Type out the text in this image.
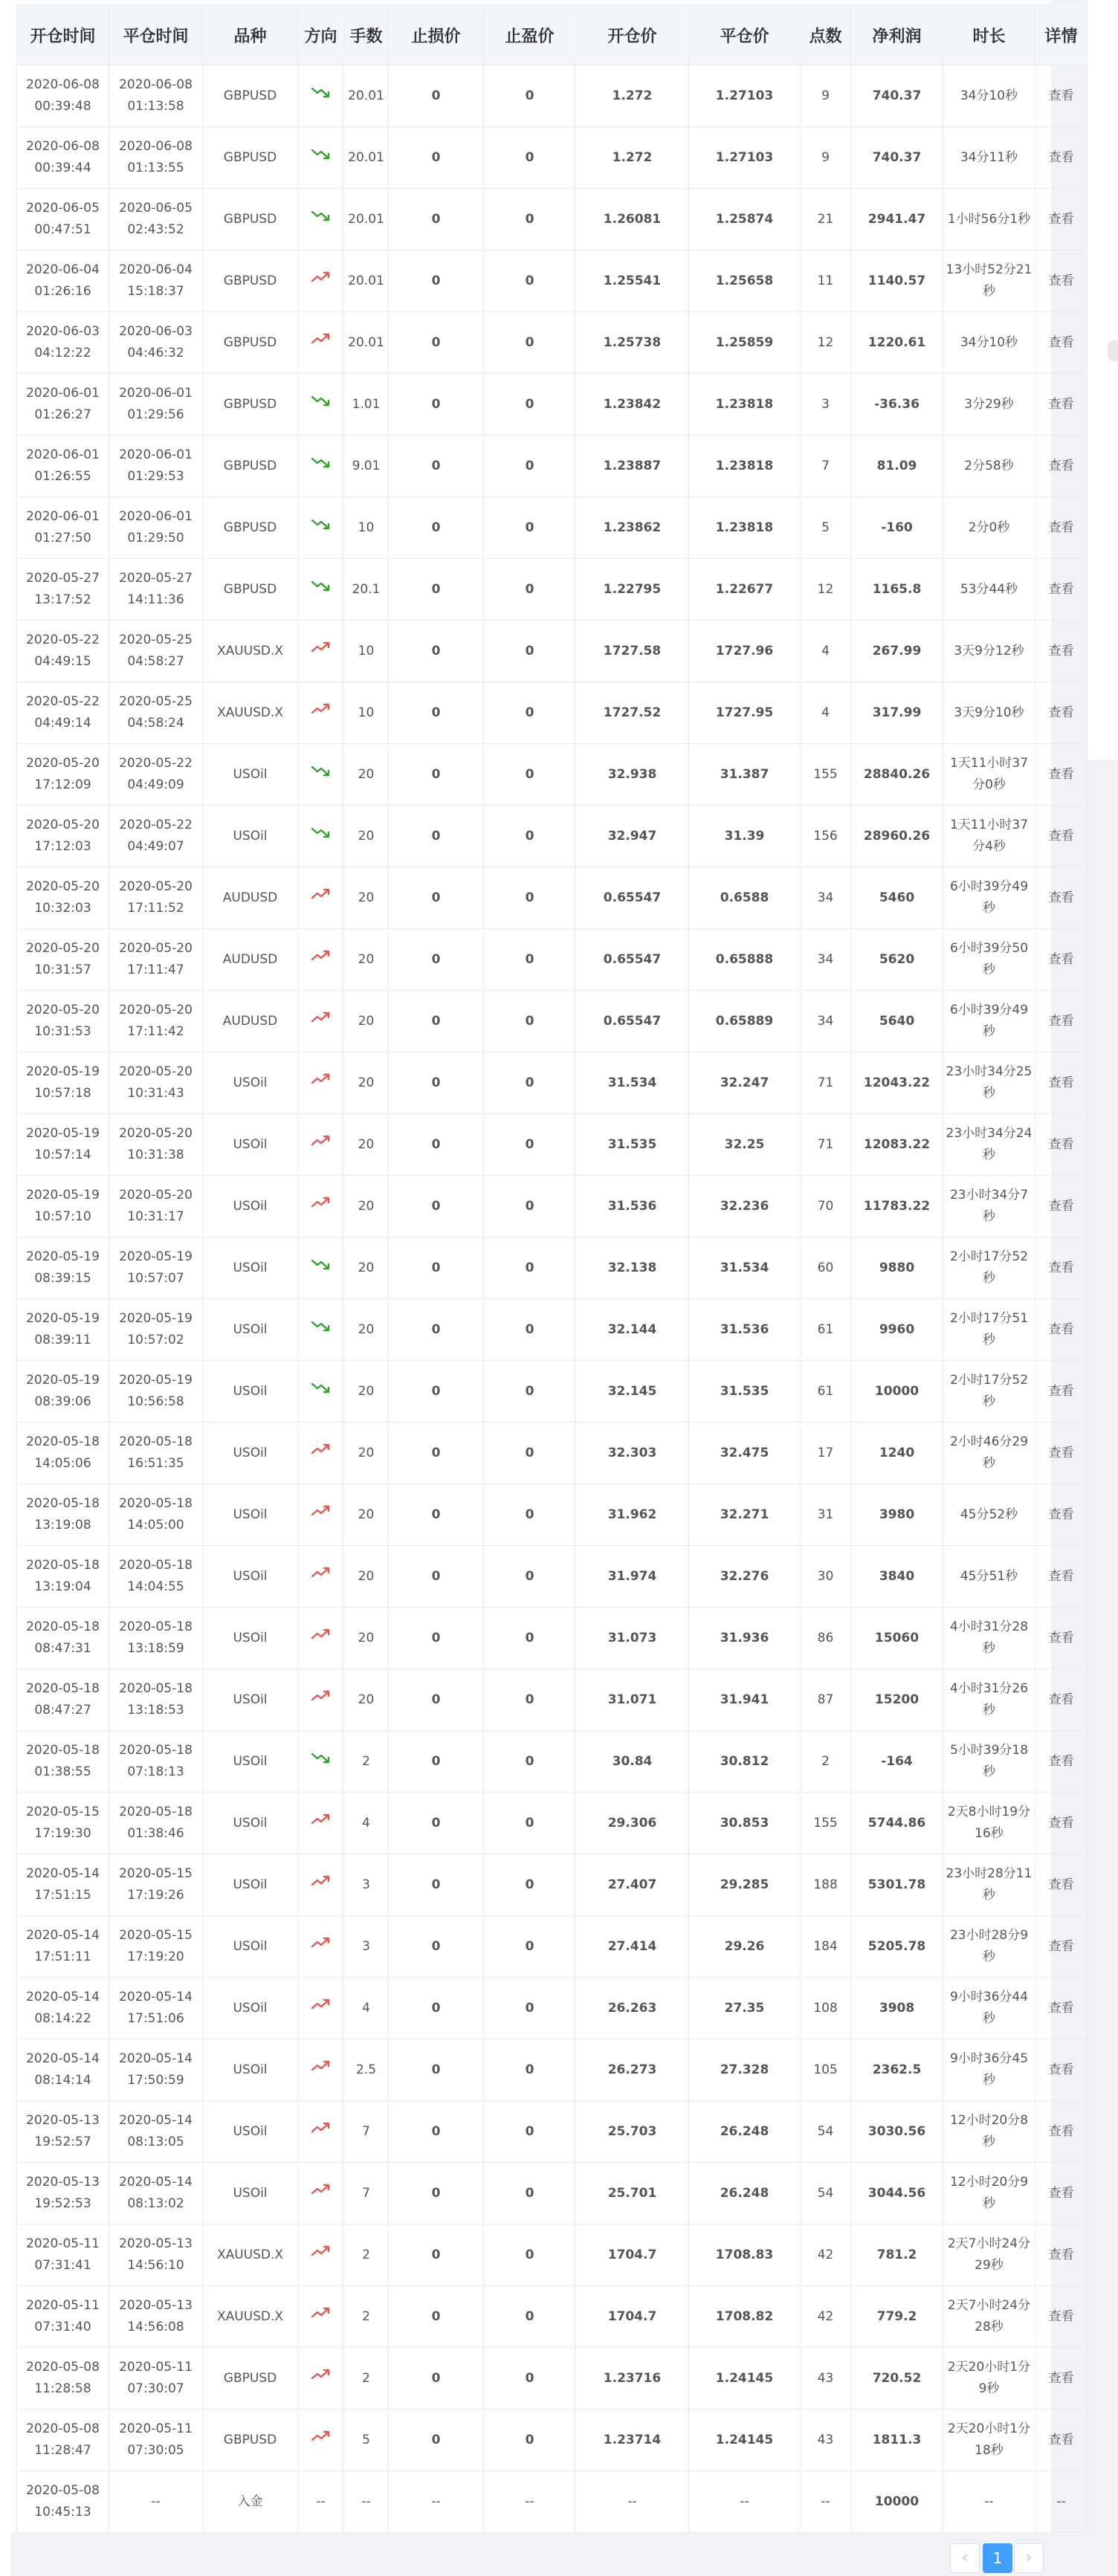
开仓时间	平仓时间	品种	方向	手数	止损价	止盈价	开仓价	平仓价	点数	净利润	时长	详情
2020-06-08 00:39:48	2020-06-08 01:13:58	GBPUSD		20.01	0	0	1.272	1.27103	9	740.37	34分10秒	查看
2020-06-08 00:39:44	2020-06-08 01:13:55	GBPUSD		20.01	0	0	1.272	1.27103	9	740.37	34分11秒	查看
2020-06-05 00:47:51	2020-06-05 02:43:52	GBPUSD		20.01	0	0	1.26081	1.25874	21	2941.47	1小时56分1秒	查看
2020-06-04 01:26:16	2020-06-04 15:18:37	GBPUSD		20.01	0	0	1.25541	1.25658	11	1140.57	13小时52分21秒	查看
2020-06-03 04:12:22	2020-06-03 04:46:32	GBPUSD		20.01	0	0	1.25738	1.25859	12	1220.61	34分10秒	查看
2020-06-01 01:26:27	2020-06-01 01:29:56	GBPUSD		1.01	0	0	1.23842	1.23818	3	-36.36	3分29秒	查看
2020-06-01 01:26:55	2020-06-01 01:29:53	GBPUSD		9.01	0	0	1.23887	1.23818	7	81.09	2分58秒	查看
2020-06-01 01:27:50	2020-06-01 01:29:50	GBPUSD		10	0	0	1.23862	1.23818	5	-160	2分0秒	查看
2020-05-27 13:17:52	2020-05-27 14:11:36	GBPUSD		20.1	0	0	1.22795	1.22677	12	1165.8	53分44秒	查看
2020-05-22 04:49:15	2020-05-25 04:58:27	XAUUSD.X		10	0	0	1727.58	1727.96	4	267.99	3天9分12秒	查看
2020-05-22 04:49:14	2020-05-25 04:58:24	XAUUSD.X		10	0	0	1727.52	1727.95	4	317.99	3天9分10秒	查看
2020-05-20 17:12:09	2020-05-22 04:49:09	USOil		20	0	0	32.938	31.387	155	28840.26	1天11小时37分0秒	查看
2020-05-20 17:12:03	2020-05-22 04:49:07	USOil		20	0	0	32.947	31.39	156	28960.26	1天11小时37分4秒	查看
2020-05-20 10:32:03	2020-05-20 17:11:52	AUDUSD		20	0	0	0.65547	0.6588	34	5460	6小时39分49秒	查看
2020-05-20 10:31:57	2020-05-20 17:11:47	AUDUSD		20	0	0	0.65547	0.65888	34	5620	6小时39分50秒	查看
2020-05-20 10:31:53	2020-05-20 17:11:42	AUDUSD		20	0	0	0.65547	0.65889	34	5640	6小时39分49秒	查看
2020-05-19 10:57:18	2020-05-20 10:31:43	USOil		20	0	0	31.534	32.247	71	12043.22	23小时34分25秒	查看
2020-05-19 10:57:14	2020-05-20 10:31:38	USOil		20	0	0	31.535	32.25	71	12083.22	23小时34分24秒	查看
2020-05-19 10:57:10	2020-05-20 10:31:17	USOil		20	0	0	31.536	32.236	70	11783.22	23小时34分7秒	查看
2020-05-19 08:39:15	2020-05-19 10:57:07	USOil		20	0	0	32.138	31.534	60	9880	2小时17分52秒	查看
2020-05-19 08:39:11	2020-05-19 10:57:02	USOil		20	0	0	32.144	31.536	61	9960	2小时17分51秒	查看
2020-05-19 08:39:06	2020-05-19 10:56:58	USOil		20	0	0	32.145	31.535	61	10000	2小时17分52秒	查看
2020-05-18 14:05:06	2020-05-18 16:51:35	USOil		20	0	0	32.303	32.475	17	1240	2小时46分29秒	查看
2020-05-18 13:19:08	2020-05-18 14:05:00	USOil		20	0	0	31.962	32.271	31	3980	45分52秒	查看
2020-05-18 13:19:04	2020-05-18 14:04:55	USOil		20	0	0	31.974	32.276	30	3840	45分51秒	查看
2020-05-18 08:47:31	2020-05-18 13:18:59	USOil		20	0	0	31.073	31.936	86	15060	4小时31分28秒	查看
2020-05-18 08:47:27	2020-05-18 13:18:53	USOil		20	0	0	31.071	31.941	87	15200	4小时31分26秒	查看
2020-05-18 01:38:55	2020-05-18 07:18:13	USOil		2	0	0	30.84	30.812	2	-164	5小时39分18秒	查看
2020-05-15 17:19:30	2020-05-18 01:38:46	USOil		4	0	0	29.306	30.853	155	5744.86	2天8小时19分16秒	查看
2020-05-14 17:51:15	2020-05-15 17:19:26	USOil		3	0	0	27.407	29.285	188	5301.78	23小时28分11秒	查看
2020-05-14 17:51:11	2020-05-15 17:19:20	USOil		3	0	0	27.414	29.26	184	5205.78	23小时28分9秒	查看
2020-05-14 08:14:22	2020-05-14 17:51:06	USOil		4	0	0	26.263	27.35	108	3908	9小时36分44秒	查看
2020-05-14 08:14:14	2020-05-14 17:50:59	USOil		2.5	0	0	26.273	27.328	105	2362.5	9小时36分45秒	查看
2020-05-13 19:52:57	2020-05-14 08:13:05	USOil		7	0	0	25.703	26.248	54	3030.56	12小时20分8秒	查看
2020-05-13 19:52:53	2020-05-14 08:13:02	USOil		7	0	0	25.701	26.248	54	3044.56	12小时20分9秒	查看
2020-05-11 07:31:41	2020-05-13 14:56:10	XAUUSD.X		2	0	0	1704.7	1708.83	42	781.2	2天7小时24分29秒	查看
2020-05-11 07:31:40	2020-05-13 14:56:08	XAUUSD.X		2	0	0	1704.7	1708.82	42	779.2	2天7小时24分28秒	查看
2020-05-08 11:28:58	2020-05-11 07:30:07	GBPUSD		2	0	0	1.23716	1.24145	43	720.52	2天20小时1分9秒	查看
2020-05-08 11:28:47	2020-05-11 07:30:05	GBPUSD		5	0	0	1.23714	1.24145	43	1811.3	2天20小时1分18秒	查看
2020-05-08 10:45:13	--	入金	--	--	--	--	--	--	--	10000	--	--
‹	1	›
